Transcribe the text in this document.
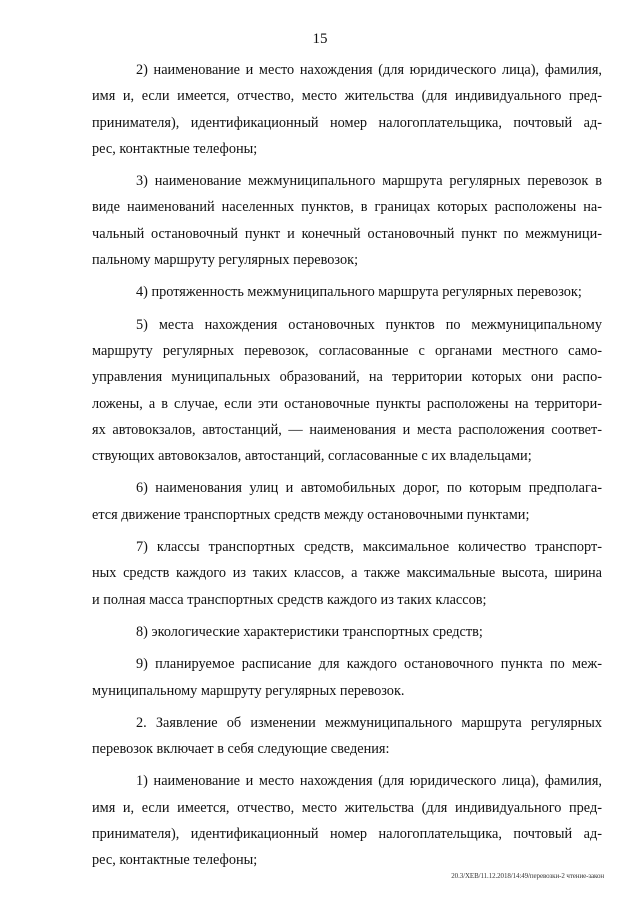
15
2) наименование и место нахождения (для юридического лица), фамилия,
имя и, если имеется, отчество, место жительства (для индивидуального пред-
принимателя), идентификационный номер налогоплательщика, почтовый ад-
рес, контактные телефоны;
3) наименование межмуниципального маршрута регулярных перевозок в
виде наименований населенных пунктов, в границах которых расположены на-
чальный остановочный пункт и конечный остановочный пункт по межмуници-
пальному маршруту регулярных перевозок;
4) протяженность межмуниципального маршрута регулярных перевозок;
5) места нахождения остановочных пунктов по межмуниципальному
маршруту регулярных перевозок, согласованные с органами местного само-
управления муниципальных образований, на территории которых они распо-
ложены, а в случае, если эти остановочные пункты расположены на территори-
ях автовокзалов, автостанций, — наименования и места расположения соответ-
ствующих автовокзалов, автостанций, согласованные с их владельцами;
6) наименования улиц и автомобильных дорог, по которым предполага-
ется движение транспортных средств между остановочными пунктами;
7) классы транспортных средств, максимальное количество транспорт-
ных средств каждого из таких классов, а также максимальные высота, ширина
и полная масса транспортных средств каждого из таких классов;
8) экологические характеристики транспортных средств;
9) планируемое расписание для каждого остановочного пункта по меж-
муниципальному маршруту регулярных перевозок.
2. Заявление об изменении межмуниципального маршрута регулярных
перевозок включает в себя следующие сведения:
1) наименование и место нахождения (для юридического лица), фамилия,
имя и, если имеется, отчество, место жительства (для индивидуального пред-
принимателя), идентификационный номер налогоплательщика, почтовый ад-
рес, контактные телефоны;
20.3/ХЕВ/11.12.2018/14:49/перевозки-2 чтение-закон
